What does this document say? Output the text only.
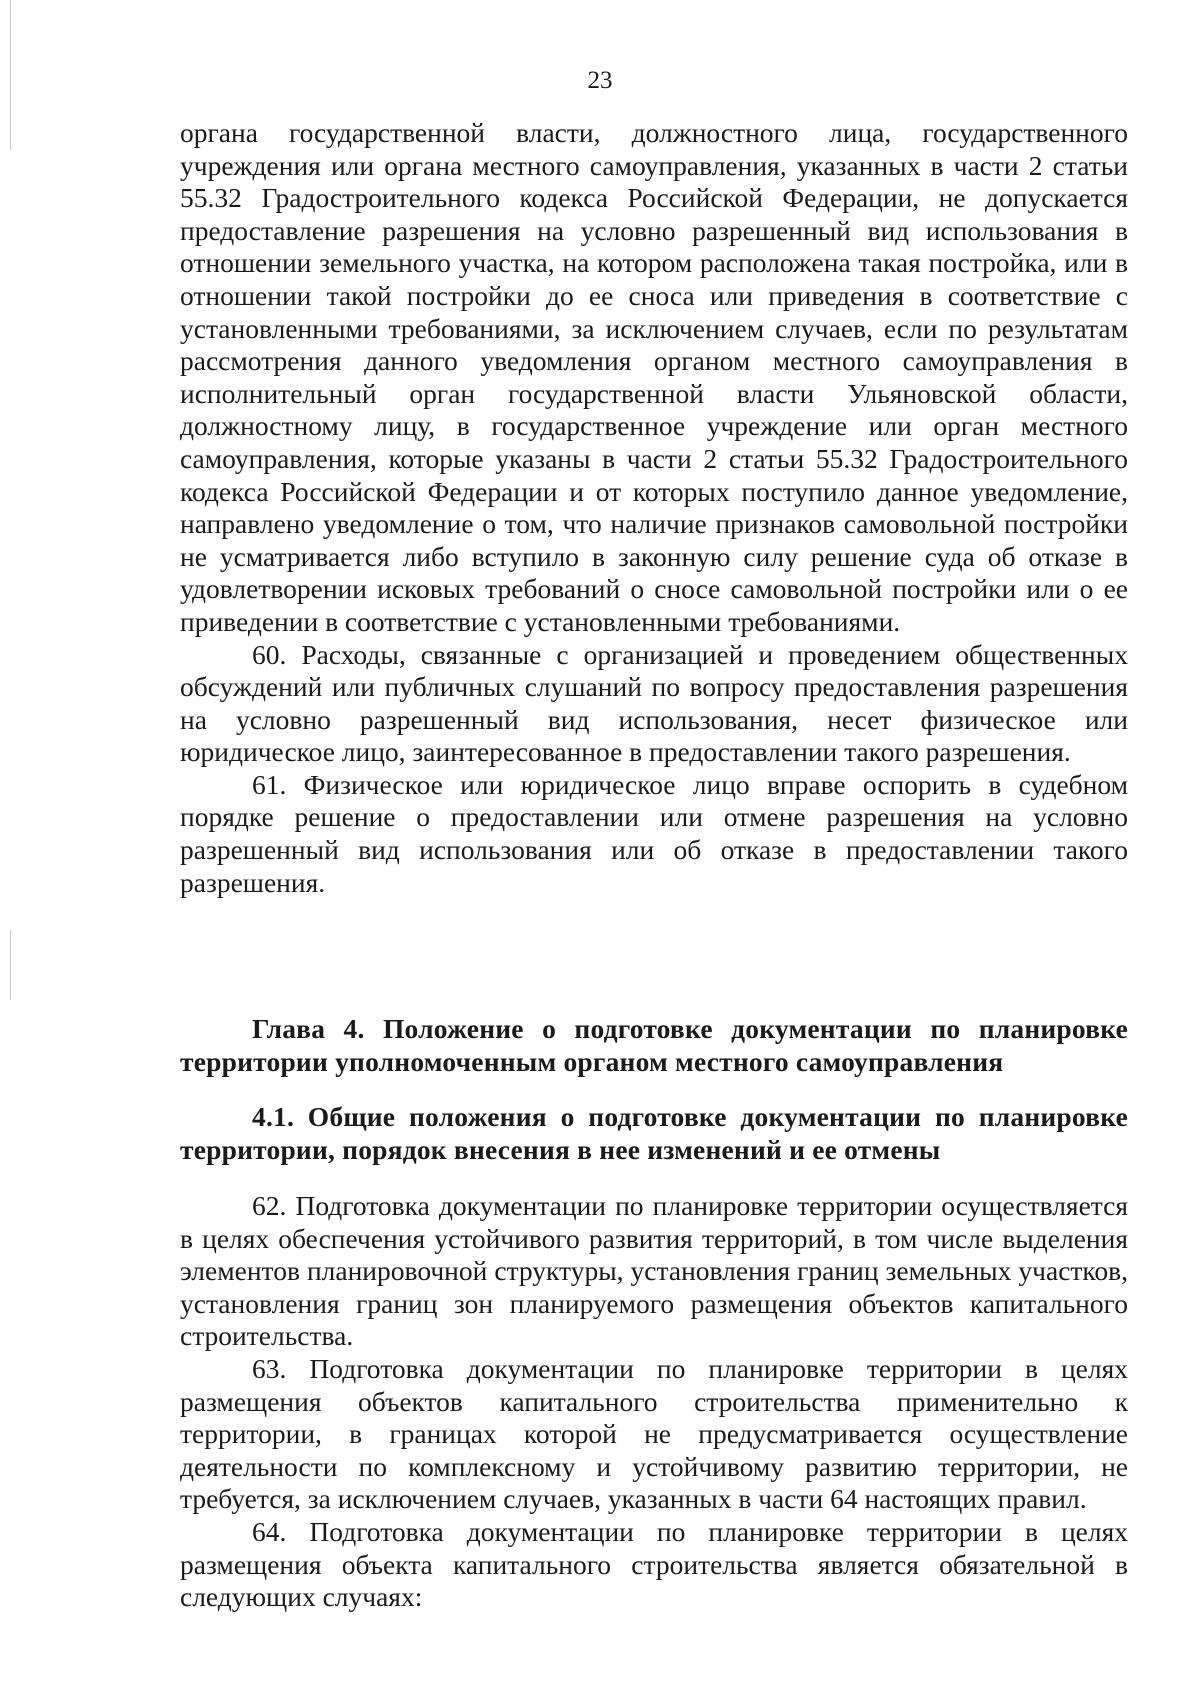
23

органа государственной власти, должностного лица, государственного учреждения или органа местного самоуправления, указанных в части 2 статьи 55.32 Градостроительного кодекса Российской Федерации, не допускается предоставление разрешения на условно разрешенный вид использования в отношении земельного участка, на котором расположена такая постройка, или в отношении такой постройки до ее сноса или приведения в соответствие с установленными требованиями, за исключением случаев, если по результатам рассмотрения данного уведомления органом местного самоуправления в исполнительный орган государственной власти Ульяновской области, должностному лицу, в государственное учреждение или орган местного самоуправления, которые указаны в части 2 статьи 55.32 Градостроительного кодекса Российской Федерации и от которых поступило данное уведомление, направлено уведомление о том, что наличие признаков самовольной постройки не усматривается либо вступило в законную силу решение суда об отказе в удовлетворении исковых требований о сносе самовольной постройки или о ее приведении в соответствие с установленными требованиями.

60. Расходы, связанные с организацией и проведением общественных обсуждений или публичных слушаний по вопросу предоставления разрешения на условно разрешенный вид использования, несет физическое или юридическое лицо, заинтересованное в предоставлении такого разрешения.

61. Физическое или юридическое лицо вправе оспорить в судебном порядке решение о предоставлении или отмене разрешения на условно разрешенный вид использования или об отказе в предоставлении такого разрешения.

Глава 4. Положение о подготовке документации по планировке территории уполномоченным органом местного самоуправления

4.1. Общие положения о подготовке документации по планировке территории, порядок внесения в нее изменений и ее отмены

62. Подготовка документации по планировке территории осуществляется в целях обеспечения устойчивого развития территорий, в том числе выделения элементов планировочной структуры, установления границ земельных участков, установления границ зон планируемого размещения объектов капитального строительства.

63. Подготовка документации по планировке территории в целях размещения объектов капитального строительства применительно к территории, в границах которой не предусматривается осуществление деятельности по комплексному и устойчивому развитию территории, не требуется, за исключением случаев, указанных в части 64 настоящих правил.

64. Подготовка документации по планировке территории в целях размещения объекта капитального строительства является обязательной в следующих случаях:
